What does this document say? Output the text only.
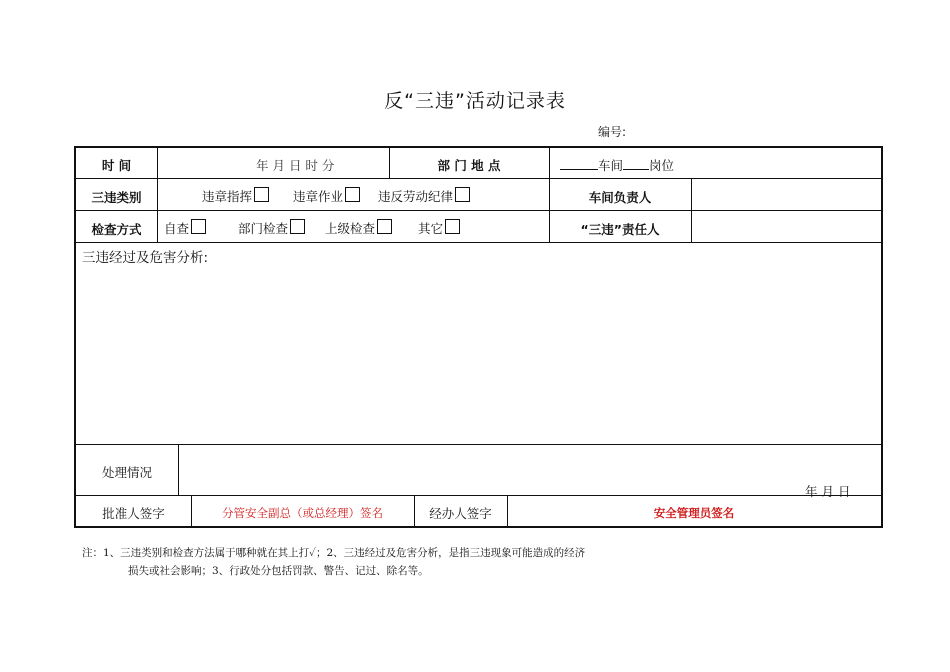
反“三违”活动记录表
编号:
时 间	年 月 日 时 分	部 门 地 点	车间 岗位
三违类别	违章指挥	违章作业	违反劳动纪律	车间负责人
检查方式	自查	部门检查	上级检查	其它	“三违”责任人
三违经过及危害分析:
处理情况
年 月 日
批准人签字	分管安全副总（或总经理）签名	经办人签字	安全管理员签名
注：1、三违类别和检查方法属于哪种就在其上打✓；2、三违经过及危害分析，是指三违现象可能造成的经济
损失或社会影响；3、行政处分包括罚款、警告、记过、除名等。
